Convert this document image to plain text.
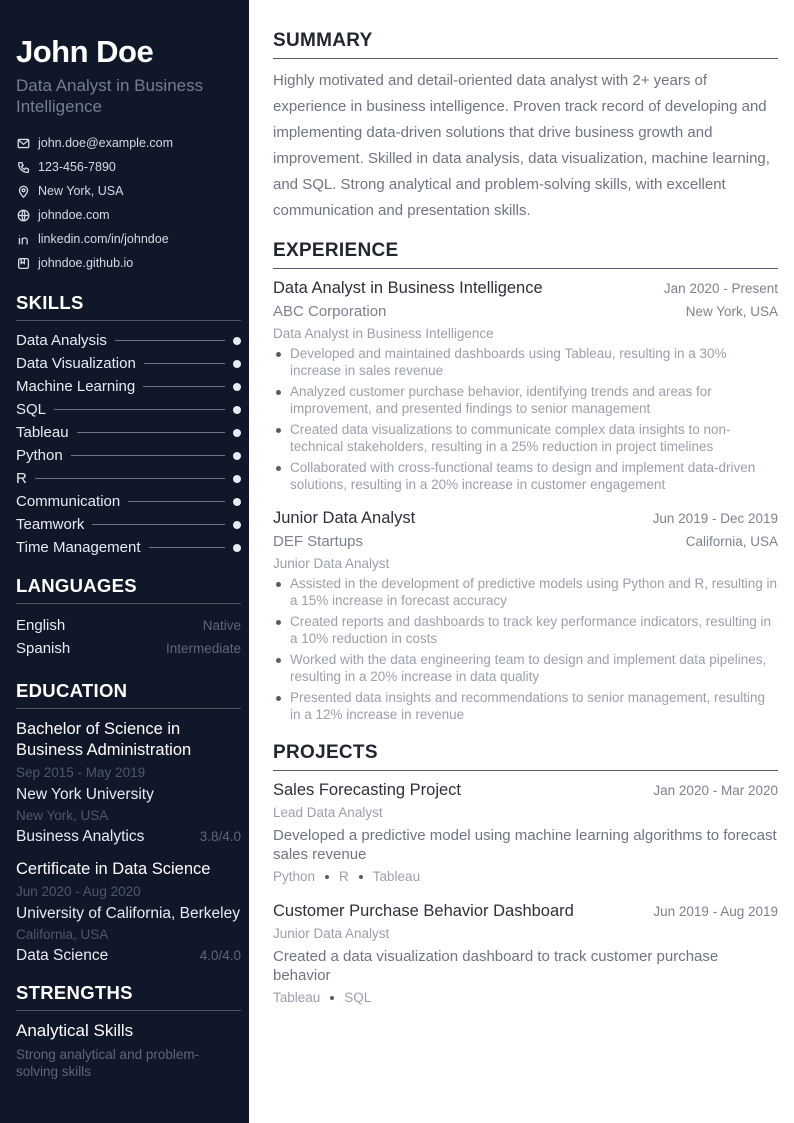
John Doe
Data Analyst in Business Intelligence
john.doe@example.com
123-456-7890
New York, USA
johndoe.com
linkedin.com/in/johndoe
johndoe.github.io
SKILLS
Data Analysis
Data Visualization
Machine Learning
SQL
Tableau
Python
R
Communication
Teamwork
Time Management
LANGUAGES
English	Native
Spanish	Intermediate
EDUCATION
Bachelor of Science in Business Administration
Sep 2015 - May 2019
New York University
New York, USA
Business Analytics	3.8/4.0
Certificate in Data Science
Jun 2020 - Aug 2020
University of California, Berkeley
California, USA
Data Science	4.0/4.0
STRENGTHS
Analytical Skills
Strong analytical and problem-solving skills
SUMMARY

Highly motivated and detail-oriented data analyst with 2+ years of experience in business intelligence. Proven track record of developing and implementing data-driven solutions that drive business growth and improvement. Skilled in data analysis, data visualization, machine learning, and SQL. Strong analytical and problem-solving skills, with excellent communication and presentation skills.

EXPERIENCE
Data Analyst in Business Intelligence	Jan 2020 - Present
ABC Corporation	New York, USA
Data Analyst in Business Intelligence
Developed and maintained dashboards using Tableau, resulting in a 30% increase in sales revenue
Analyzed customer purchase behavior, identifying trends and areas for improvement, and presented findings to senior management
Created data visualizations to communicate complex data insights to non-technical stakeholders, resulting in a 25% reduction in project timelines
Collaborated with cross-functional teams to design and implement data-driven solutions, resulting in a 20% increase in customer engagement
Junior Data Analyst	Jun 2019 - Dec 2019
DEF Startups	California, USA
Junior Data Analyst
Assisted in the development of predictive models using Python and R, resulting in a 15% increase in forecast accuracy
Created reports and dashboards to track key performance indicators, resulting in a 10% reduction in costs
Worked with the data engineering team to design and implement data pipelines, resulting in a 20% increase in data quality
Presented data insights and recommendations to senior management, resulting in a 12% increase in revenue
PROJECTS
Sales Forecasting Project	Jan 2020 - Mar 2020
Lead Data Analyst
Developed a predictive model using machine learning algorithms to forecast sales revenue
Python R Tableau
Customer Purchase Behavior Dashboard	Jun 2019 - Aug 2019
Junior Data Analyst
Created a data visualization dashboard to track customer purchase behavior
Tableau SQL
